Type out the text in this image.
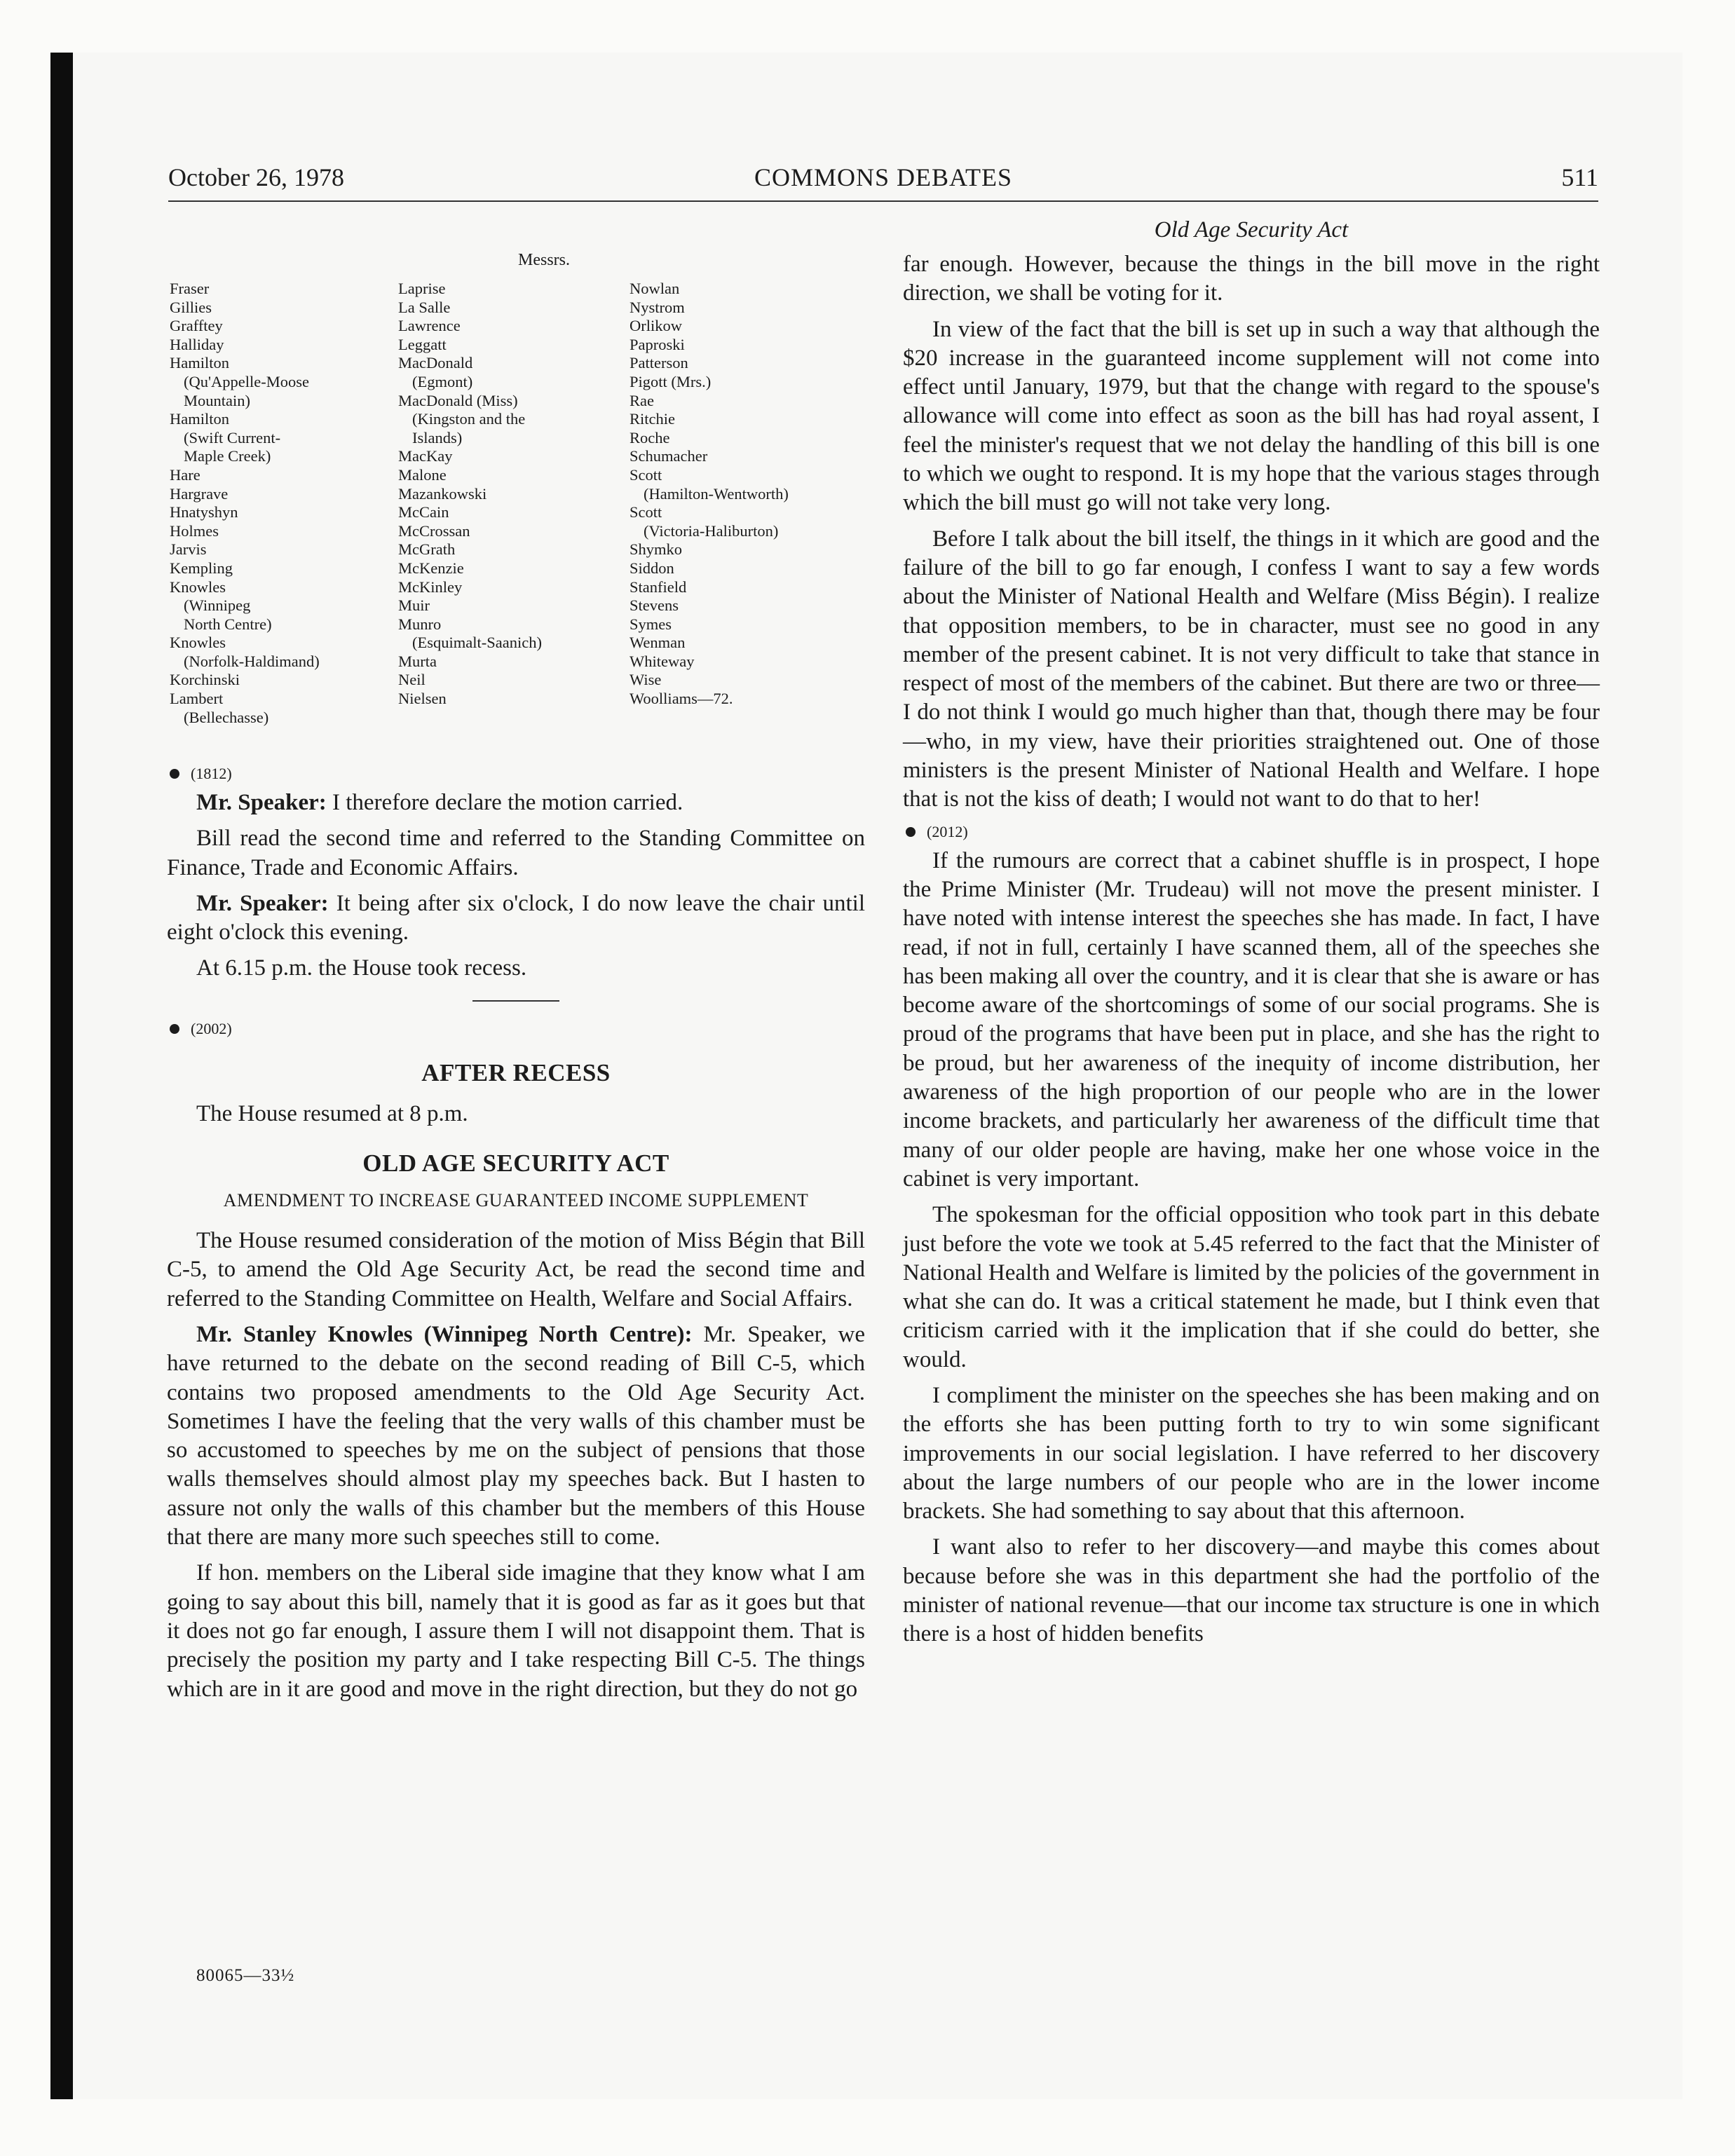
October 26, 1978	COMMONS DEBATES	511
Messrs.
Fraser
Gillies
Grafftey
Halliday
Hamilton
(Qu'Appelle-Moose
Mountain)
Hamilton
(Swift Current-
Maple Creek)
Hare
Hargrave
Hnatyshyn
Holmes
Jarvis
Kempling
Knowles
(Winnipeg
North Centre)
Knowles
(Norfolk-Haldimand)
Korchinski
Lambert
(Bellechasse)
Laprise
La Salle
Lawrence
Leggatt
MacDonald
(Egmont)
MacDonald (Miss)
(Kingston and the
Islands)
MacKay
Malone
Mazankowski
McCain
McCrossan
McGrath
McKenzie
McKinley
Muir
Munro
(Esquimalt-Saanich)
Murta
Neil
Nielsen
Nowlan
Nystrom
Orlikow
Paproski
Patterson
Pigott (Mrs.)
Rae
Ritchie
Roche
Schumacher
Scott
(Hamilton-Wentworth)
Scott
(Victoria-Haliburton)
Shymko
Siddon
Stanfield
Stevens
Symes
Wenman
Whiteway
Wise
Woolliams—72.
(1812)

Mr. Speaker: I therefore declare the motion carried.

Bill read the second time and referred to the Standing Committee on Finance, Trade and Economic Affairs.

Mr. Speaker: It being after six o'clock, I do now leave the chair until eight o'clock this evening.

At 6.15 p.m. the House took recess.

(2002)
AFTER RECESS

The House resumed at 8 p.m.

OLD AGE SECURITY ACT
AMENDMENT TO INCREASE GUARANTEED INCOME SUPPLEMENT

The House resumed consideration of the motion of Miss Bégin that Bill C-5, to amend the Old Age Security Act, be read the second time and referred to the Standing Committee on Health, Welfare and Social Affairs.

Mr. Stanley Knowles (Winnipeg North Centre): Mr. Speaker, we have returned to the debate on the second reading of Bill C-5, which contains two proposed amendments to the Old Age Security Act. Sometimes I have the feeling that the very walls of this chamber must be so accustomed to speeches by me on the subject of pensions that those walls themselves should almost play my speeches back. But I hasten to assure not only the walls of this chamber but the members of this House that there are many more such speeches still to come.

If hon. members on the Liberal side imagine that they know what I am going to say about this bill, namely that it is good as far as it goes but that it does not go far enough, I assure them I will not disappoint them. That is precisely the position my party and I take respecting Bill C-5. The things which are in it are good and move in the right direction, but they do not go

Old Age Security Act

far enough. However, because the things in the bill move in the right direction, we shall be voting for it.

In view of the fact that the bill is set up in such a way that although the $20 increase in the guaranteed income supplement will not come into effect until January, 1979, but that the change with regard to the spouse's allowance will come into effect as soon as the bill has had royal assent, I feel the minister's request that we not delay the handling of this bill is one to which we ought to respond. It is my hope that the various stages through which the bill must go will not take very long.

Before I talk about the bill itself, the things in it which are good and the failure of the bill to go far enough, I confess I want to say a few words about the Minister of National Health and Welfare (Miss Bégin). I realize that opposition members, to be in character, must see no good in any member of the present cabinet. It is not very difficult to take that stance in respect of most of the members of the cabinet. But there are two or three—I do not think I would go much higher than that, though there may be four—who, in my view, have their priorities straightened out. One of those ministers is the present Minister of National Health and Welfare. I hope that is not the kiss of death; I would not want to do that to her!

(2012)

If the rumours are correct that a cabinet shuffle is in prospect, I hope the Prime Minister (Mr. Trudeau) will not move the present minister. I have noted with intense interest the speeches she has made. In fact, I have read, if not in full, certainly I have scanned them, all of the speeches she has been making all over the country, and it is clear that she is aware or has become aware of the shortcomings of some of our social programs. She is proud of the programs that have been put in place, and she has the right to be proud, but her awareness of the inequity of income distribution, her awareness of the high proportion of our people who are in the lower income brackets, and particularly her awareness of the difficult time that many of our older people are having, make her one whose voice in the cabinet is very important.

The spokesman for the official opposition who took part in this debate just before the vote we took at 5.45 referred to the fact that the Minister of National Health and Welfare is limited by the policies of the government in what she can do. It was a critical statement he made, but I think even that criticism carried with it the implication that if she could do better, she would.

I compliment the minister on the speeches she has been making and on the efforts she has been putting forth to try to win some significant improvements in our social legislation. I have referred to her discovery about the large numbers of our people who are in the lower income brackets. She had something to say about that this afternoon.

I want also to refer to her discovery—and maybe this comes about because before she was in this department she had the portfolio of the minister of national revenue—that our income tax structure is one in which there is a host of hidden benefits

80065—33½
